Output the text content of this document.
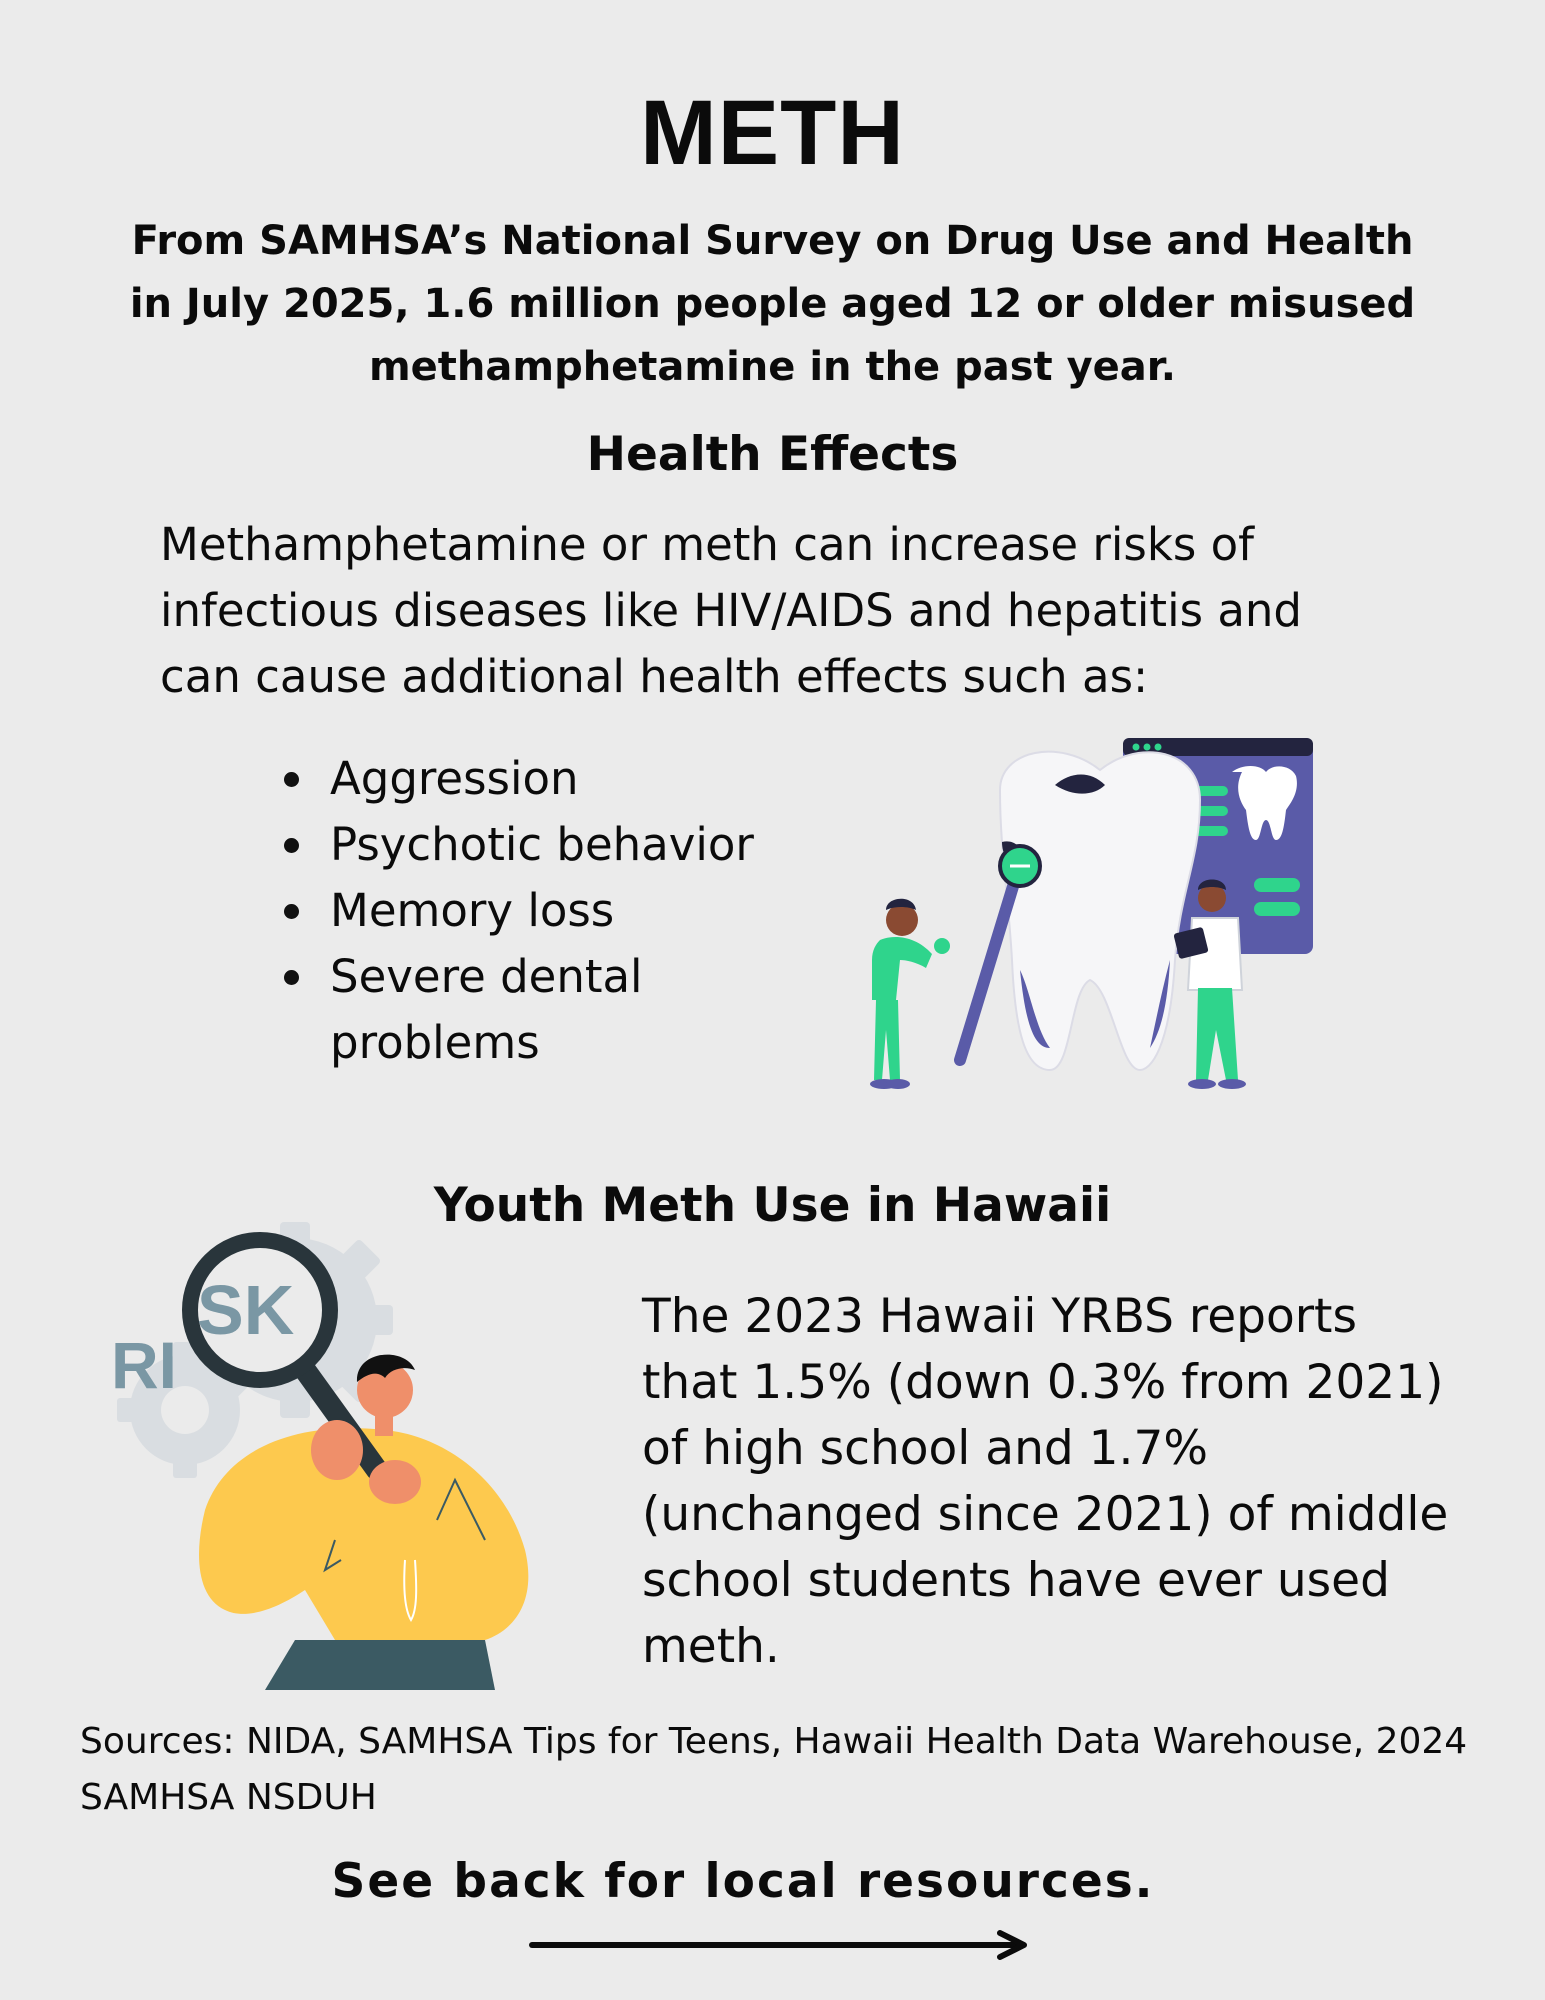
METH
From SAMHSA’s National Survey on Drug Use and Health in July 2025, 1.6 million people aged 12 or older misused methamphetamine in the past year.
Health Effects
Methamphetamine or meth can increase risks of infectious diseases like HIV/AIDS and hepatitis and can cause additional health effects such as:
Aggression
Psychotic behavior
Memory loss
Severe dental problems
Youth Meth Use in Hawaii
RI
SK	The 2023 Hawaii YRBS reports that 1.5% (down 0.3% from 2021) of high school and 1.7% (unchanged since 2021) of middle school students have ever used meth.
Sources: NIDA, SAMHSA Tips for Teens, Hawaii Health Data Warehouse, 2024 SAMHSA NSDUH
See back for local resources.
